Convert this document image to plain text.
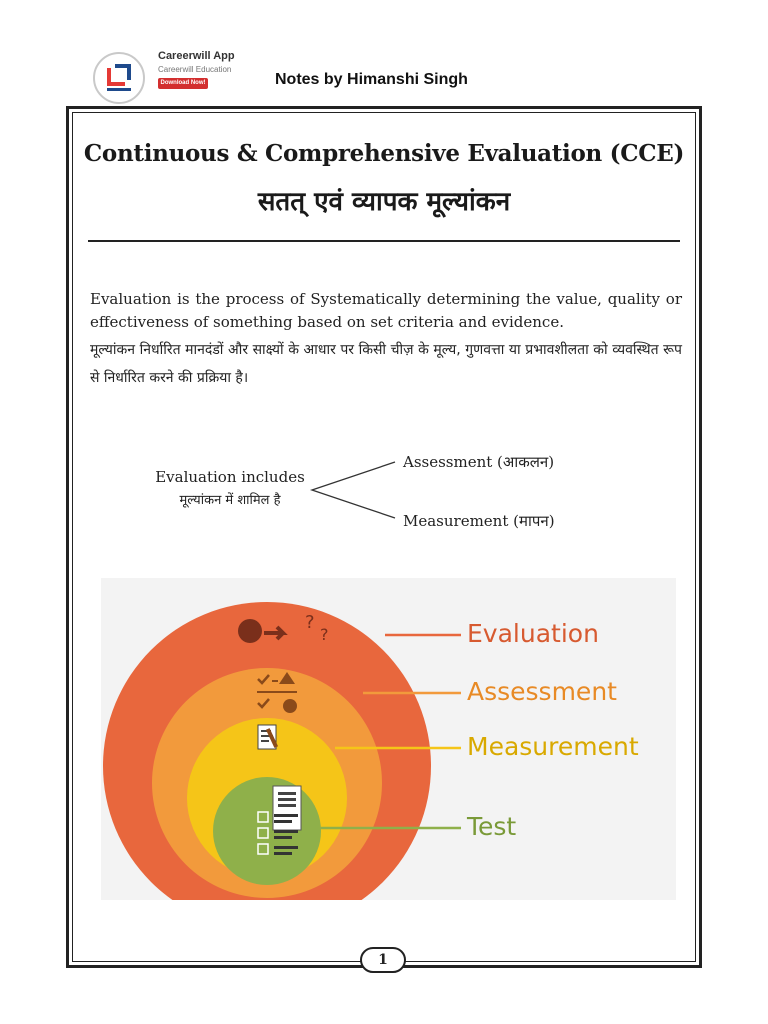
Careerwill App
Careerwill Education
Download Now! ⬇
Notes by Himanshi Singh
Continuous & Comprehensive Evaluation (CCE)
सतत् एवं व्यापक मूल्यांकन
Evaluation is the process of Systematically determining the value, quality or effectiveness of something based on set criteria and evidence.
मूल्यांकन निर्धारित मानदंडों और साक्ष्यों के आधार पर किसी चीज़ के मूल्य, गुणवत्ता या प्रभावशीलता को व्यवस्थित रूप से निर्धारित करने की प्रक्रिया है।
Evaluation includes
मूल्यांकन में शामिल है
Assessment (आकलन)
Measurement (मापन)
?
?	Evaluation
Assessment
Measurement
Test
1
